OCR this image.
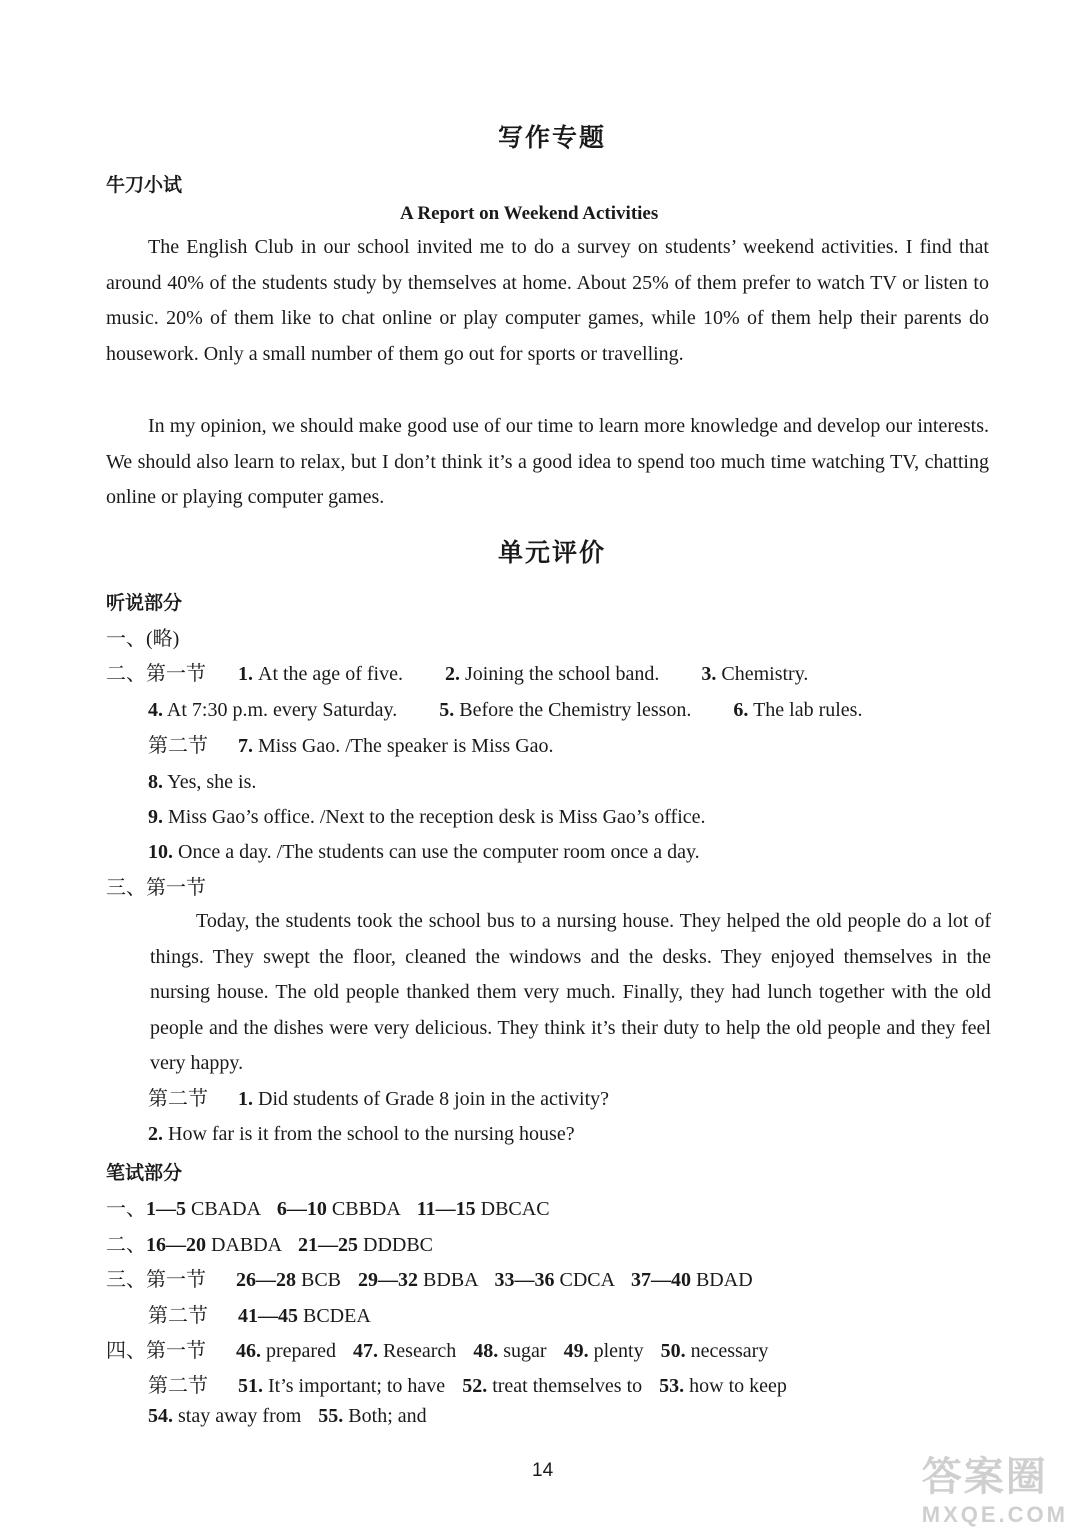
写作专题
牛刀小试
A Report on Weekend Activities
The English Club in our school invited me to do a survey on students’ weekend activities. I find that around 40% of the students study by themselves at home. About 25% of them prefer to watch TV or listen to music. 20% of them like to chat online or play computer games, while 10% of them help their parents do housework. Only a small number of them go out for sports or travelling.
In my opinion, we should make good use of our time to learn more knowledge and develop our interests. We should also learn to relax, but I don’t think it’s a good idea to spend too much time watching TV, chatting online or playing computer games.
单元评价
听说部分
一、(略)
二、第一节 1. At the age of five. 2. Joining the school band. 3. Chemistry.
4. At 7:30 p.m. every Saturday. 5. Before the Chemistry lesson. 6. The lab rules.
第二节 7. Miss Gao. /The speaker is Miss Gao.
8. Yes, she is.
9. Miss Gao’s office. /Next to the reception desk is Miss Gao’s office.
10. Once a day. /The students can use the computer room once a day.
三、第一节
Today, the students took the school bus to a nursing house. They helped the old people do a lot of things. They swept the floor, cleaned the windows and the desks. They enjoyed themselves in the nursing house. The old people thanked them very much. Finally, they had lunch together with the old people and the dishes were very delicious. They think it’s their duty to help the old people and they feel very happy.
第二节 1. Did students of Grade 8 join in the activity?
2. How far is it from the school to the nursing house?
笔试部分
一、1—5 CBADA 6—10 CBBDA 11—15 DBCAC
二、16—20 DABDA 21—25 DDDBC
三、第一节 26—28 BCB 29—32 BDBA 33—36 CDCA 37—40 BDAD
第二节 41—45 BCDEA
四、第一节 46. prepared 47. Research 48. sugar 49. plenty 50. necessary
第二节 51. It’s important; to have 52. treat themselves to 53. how to keep
54. stay away from 55. Both; and
14	答案圈
MXQE.COM
